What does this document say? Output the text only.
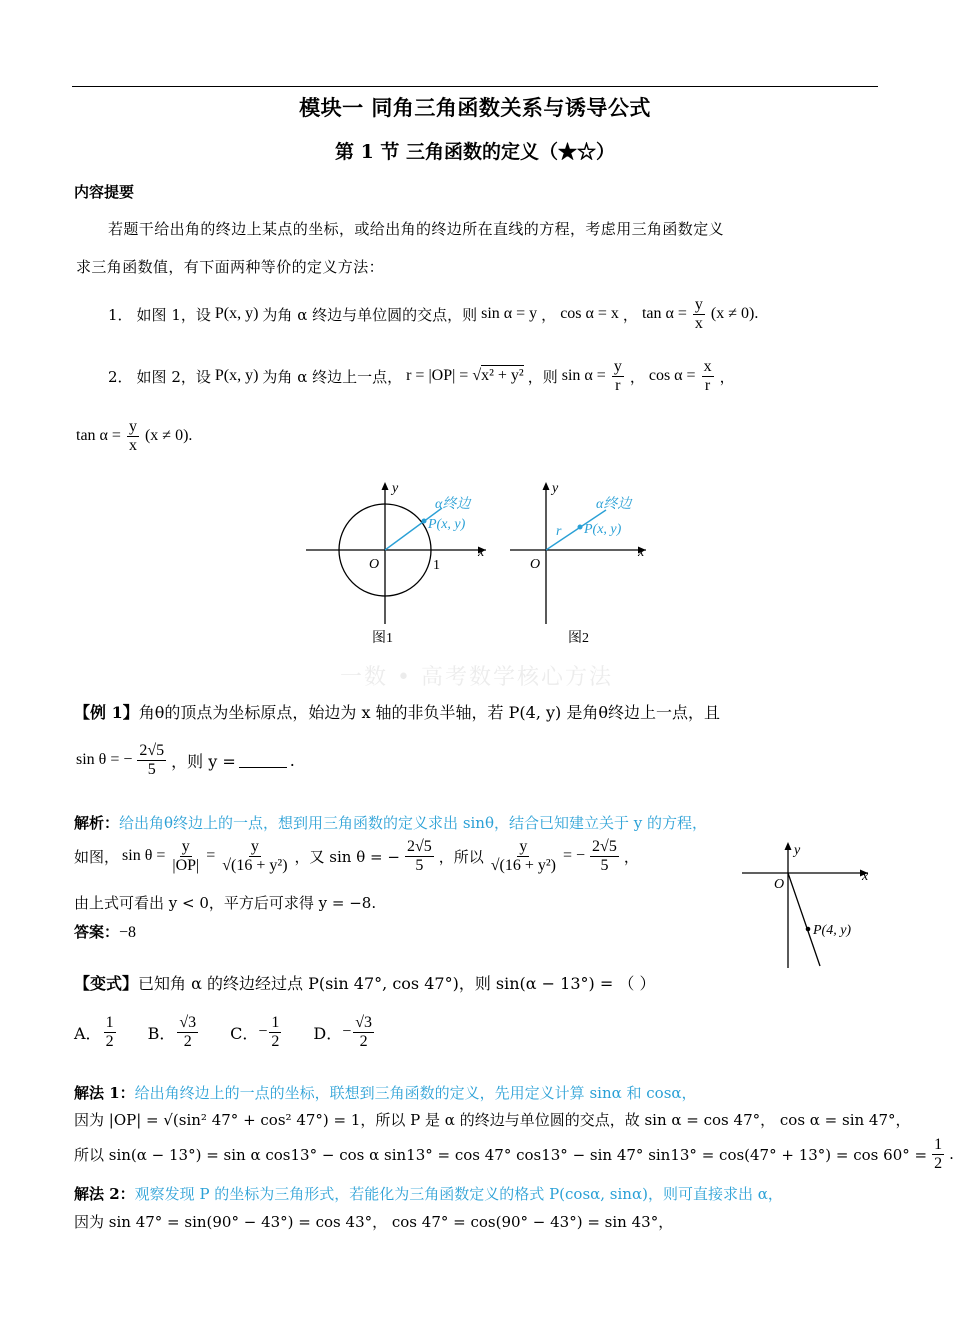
模块一 同角三角函数关系与诱导公式
第 1 节 三角函数的定义（★☆）
内容提要
若题干给出角的终边上某点的坐标，或给出角的终边所在直线的方程，考虑用三角函数定义
求三角函数值，有下面两种等价的定义方法：
1． 如图 1，设 P(x, y) 为角 α 终边与单位圆的交点，则 sin α = y ， cos α = x ， $\tan \alpha = \frac{y}{x} (x \ne 0)$.
2． 如图 2，设 P(x, y) 为角 α 终边上一点， r = |OP| = √x² + y² ，则 $\sin \alpha = \frac{y}{r}$ ， $\cos \alpha = \frac{x}{r}$ ，
$\tan \alpha = \frac{y}{x} (x \ne 0)$.
y
x
O	1
α终边
P(x, y)
图1
y
x
O
r
α终边
P(x, y)
图2
一数 • 高考数学核心方法
【例 1】角θ的顶点为坐标原点，始边为 x 轴的非负半轴，若 P(4, y) 是角θ终边上一点，且
sin θ = − $\frac{2√5}{5}$ ，则 y =	.
解析：给出角θ终边上的一点，想到用三角函数的定义求出 sinθ，结合已知建立关于 y 的方程，
如图， $\sin \theta = \frac{y}{|OP|} = \frac{y}{\text{√(16 + y²)}}$ ，又 sin θ = − $\frac{2√5}{5}$ ，所以 $\frac{y}{\text{√(16 + y²)}}$ = − $\frac{2√5}{5}$ ，
由上式可看出 y < 0，平方后可求得 y = −8.
答案：−8
y
x
O
P(4, y)
【变式】已知角 α 的终边经过点 P(sin 47°, cos 47°)，则 sin(α − 13°) = （ ）
A． $\frac{1}{2}$ B． $\frac{√3}{2}$ C． − $\frac{1}{2}$ D． − $\frac{√3}{2}$
解法 1：给出角终边上的一点的坐标，联想到三角函数的定义，先用定义计算 sinα 和 cosα，
因为 |OP| = √(sin² 47° + cos² 47°) = 1，所以 P 是 α 的终边与单位圆的交点，故 sin α = cos 47°， cos α = sin 47°，
所以 sin(α − 13°) = sin α cos13° − cos α sin13° = cos 47° cos13° − sin 47° $\sin 13^\circ = \cos(47^\circ + 13^\circ) = \cos 60^\circ = \frac{1}{2}$ .
解法 2：观察发现 P 的坐标为三角形式，若能化为三角函数定义的格式 P(cosα, sinα)，则可直接求出 α，
因为 sin 47° = sin(90° − 43°) = cos 43°， cos 47° = cos(90° − 43°) = sin 43°，
